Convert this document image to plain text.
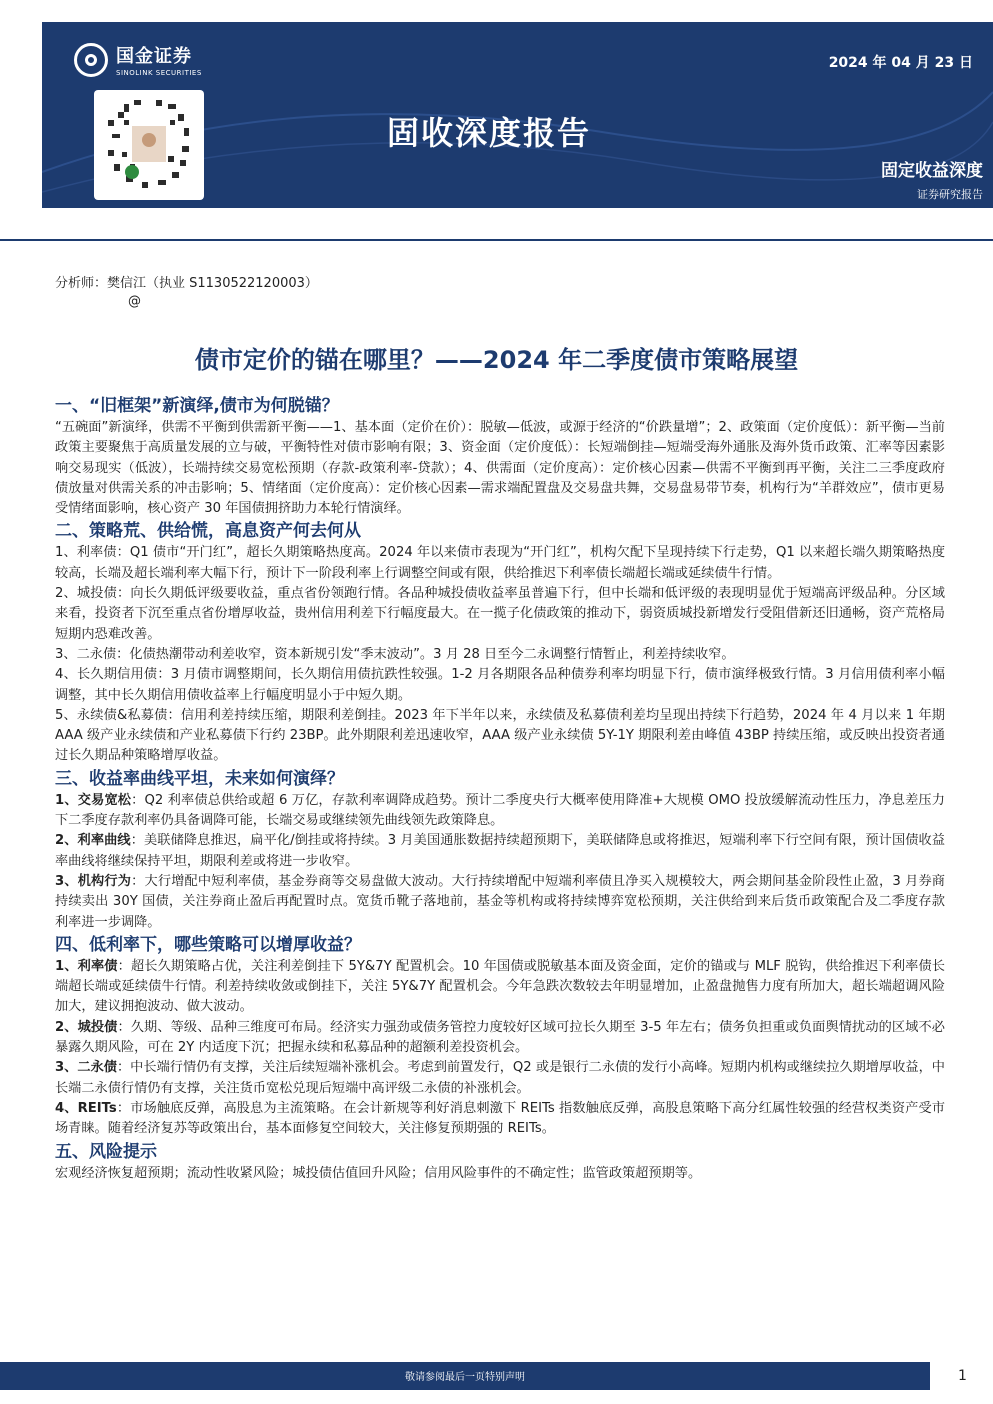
国金证券
SINOLINK SECURITIES
2024 年 04 月 23 日
固收深度报告
固定收益深度
证券研究报告
分析师：樊信江（执业 S1130522120003）
@
债市定价的锚在哪里？——2024 年二季度债市策略展望
一、“旧框架”新演绎,债市为何脱锚？

“五碗面”新演绎，供需不平衡到供需新平衡——1、基本面（定价在价）：脱敏—低波，或源于经济的“价跌量增”；2、政策面（定价度低）：新平衡—当前政策主要聚焦于高质量发展的立与破，平衡特性对债市影响有限；3、资金面（定价度低）：长短端倒挂—短端受海外通胀及海外货币政策、汇率等因素影响交易现实（低波），长端持续交易宽松预期（存款-政策利率-贷款）；4、供需面（定价度高）：定价核心因素—供需不平衡到再平衡，关注二三季度政府债放量对供需关系的冲击影响；5、情绪面（定价度高）：定价核心因素—需求端配置盘及交易盘共舞，交易盘易带节奏，机构行为“羊群效应”，债市更易受情绪面影响，核心资产 30 年国债拥挤助力本轮行情演绎。

二、策略荒、供给慌，高息资产何去何从

1、利率债：Q1 债市“开门红”，超长久期策略热度高。2024 年以来债市表现为“开门红”，机构欠配下呈现持续下行走势，Q1 以来超长端久期策略热度较高，长端及超长端利率大幅下行，预计下一阶段利率上行调整空间或有限，供给推迟下利率债长端超长端或延续债牛行情。

2、城投债：向长久期低评级要收益，重点省份领跑行情。各品种城投债收益率虽普遍下行，但中长端和低评级的表现明显优于短端高评级品种。分区域来看，投资者下沉至重点省份增厚收益，贵州信用利差下行幅度最大。在一揽子化债政策的推动下，弱资质城投新增发行受阻借新还旧通畅，资产荒格局短期内恐难改善。

3、二永债：化债热潮带动利差收窄，资本新规引发“季末波动”。3 月 28 日至今二永调整行情暂止，利差持续收窄。

4、长久期信用债：3 月债市调整期间，长久期信用债抗跌性较强。1-2 月各期限各品种债券利率均明显下行，债市演绎极致行情。3 月信用债利率小幅调整，其中长久期信用债收益率上行幅度明显小于中短久期。

5、永续债&私募债：信用利差持续压缩，期限利差倒挂。2023 年下半年以来，永续债及私募债利差均呈现出持续下行趋势，2024 年 4 月以来 1 年期 AAA 级产业永续债和产业私募债下行约 23BP。此外期限利差迅速收窄，AAA 级产业永续债 5Y-1Y 期限利差由峰值 43BP 持续压缩，或反映出投资者通过长久期品种策略增厚收益。

三、收益率曲线平坦，未来如何演绎？

1、交易宽松：Q2 利率债总供给或超 6 万亿，存款利率调降成趋势。预计二季度央行大概率使用降准+大规模 OMO 投放缓解流动性压力，净息差压力下二季度存款利率仍具备调降可能，长端交易或继续领先曲线领先政策降息。

2、利率曲线：美联储降息推迟，扁平化/倒挂或将持续。3 月美国通胀数据持续超预期下，美联储降息或将推迟，短端利率下行空间有限，预计国债收益率曲线将继续保持平坦，期限利差或将进一步收窄。

3、机构行为：大行增配中短利率债，基金券商等交易盘做大波动。大行持续增配中短端利率债且净买入规模较大，两会期间基金阶段性止盈，3 月券商持续卖出 30Y 国债，关注券商止盈后再配置时点。宽货币靴子落地前，基金等机构或将持续博弈宽松预期，关注供给到来后货币政策配合及二季度存款利率进一步调降。

四、低利率下，哪些策略可以增厚收益？

1、利率债：超长久期策略占优，关注利差倒挂下 5Y&7Y 配置机会。10 年国债或脱敏基本面及资金面，定价的锚或与 MLF 脱钩，供给推迟下利率债长端超长端或延续债牛行情。利差持续收敛或倒挂下，关注 5Y&7Y 配置机会。今年急跌次数较去年明显增加，止盈盘抛售力度有所加大，超长端超调风险加大，建议拥抱波动、做大波动。

2、城投债：久期、等级、品种三维度可布局。经济实力强劲或债务管控力度较好区域可拉长久期至 3-5 年左右；债务负担重或负面舆情扰动的区域不必暴露久期风险，可在 2Y 内适度下沉；把握永续和私募品种的超额利差投资机会。

3、二永债：中长端行情仍有支撑，关注后续短端补涨机会。考虑到前置发行，Q2 或是银行二永债的发行小高峰。短期内机构或继续拉久期增厚收益，中长端二永债行情仍有支撑，关注货币宽松兑现后短端中高评级二永债的补涨机会。

4、REITs：市场触底反弹，高股息为主流策略。在会计新规等利好消息刺激下 REITs 指数触底反弹，高股息策略下高分红属性较强的经营权类资产受市场青睐。随着经济复苏等政策出台，基本面修复空间较大，关注修复预期强的 REITs。

五、风险提示

宏观经济恢复超预期；流动性收紧风险；城投债估值回升风险；信用风险事件的不确定性；监管政策超预期等。

敬请参阅最后一页特别声明	1
